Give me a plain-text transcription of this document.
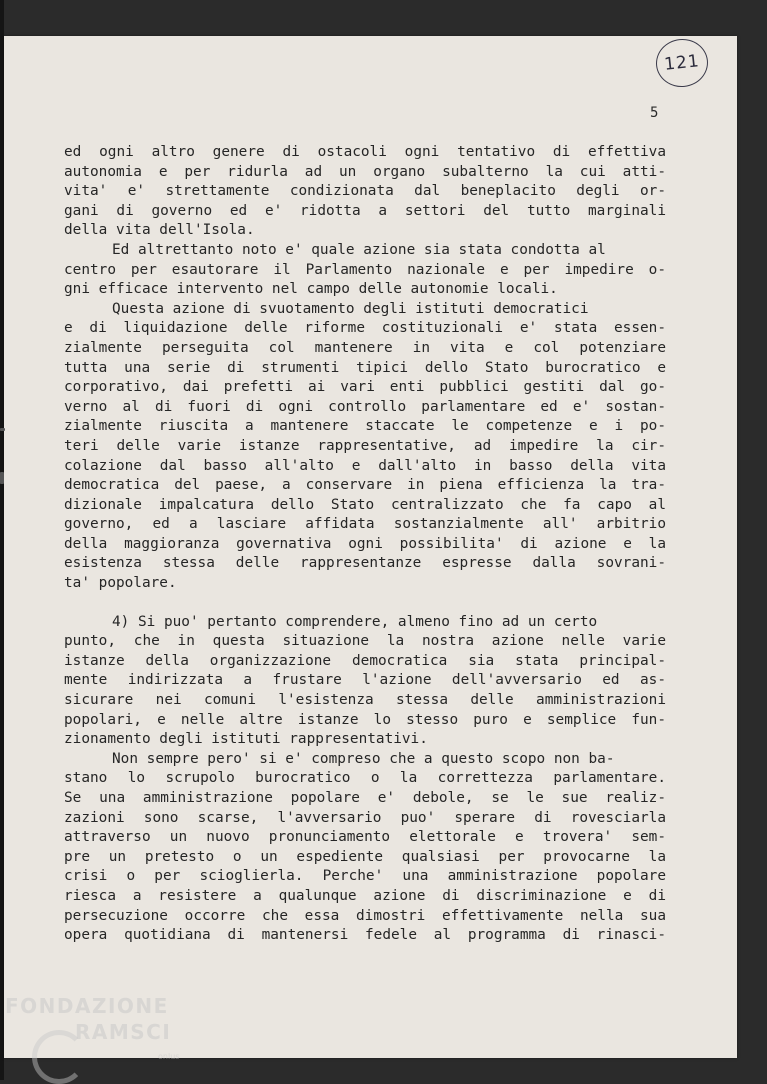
121
5
ed ogni altro genere di ostacoli ogni tentativo di effettiva
autonomia e per ridurla ad un organo subalterno la cui atti-
vita' e' strettamente condizionata dal beneplacito degli or-
gani di governo ed e' ridotta a settori del tutto marginali
della vita dell'Isola.
Ed altrettanto noto e' quale azione sia stata condotta al
centro per esautorare il Parlamento nazionale e per impedire o-
gni efficace intervento nel campo delle autonomie locali.
Questa azione di svuotamento degli istituti democratici
e di liquidazione delle riforme costituzionali e' stata essen-
zialmente perseguita col mantenere in vita e col potenziare
tutta una serie di strumenti tipici dello Stato burocratico e
corporativo, dai prefetti ai vari enti pubblici gestiti dal go-
verno al di fuori di ogni controllo parlamentare ed e' sostan-
zialmente riuscita a mantenere staccate le competenze e i po-
teri delle varie istanze rappresentative, ad impedire la cir-
colazione dal basso all'alto e dall'alto in basso della vita
democratica del paese, a conservare in piena efficienza la tra-
dizionale impalcatura dello Stato centralizzato che fa capo al
governo, ed a lasciare affidata sostanzialmente all' arbitrio
della maggioranza governativa ogni possibilita' di azione e la
esistenza stessa delle rappresentanze espresse dalla sovrani-
ta' popolare.
4) Si puo' pertanto comprendere, almeno fino ad un certo
punto, che in questa situazione la nostra azione nelle varie
istanze della organizzazione democratica sia stata principal-
mente indirizzata a frustare l'azione dell'avversario ed as-
sicurare nei comuni l'esistenza stessa delle amministrazioni
popolari, e nelle altre istanze lo stesso puro e semplice fun-
zionamento degli istituti rappresentativi.
Non sempre pero' si e' compreso che a questo scopo non ba-
stano lo scrupolo burocratico o la correttezza parlamentare.
Se una amministrazione popolare e' debole, se le sue realiz-
zazioni sono scarse, l'avversario puo' sperare di rovesciarla
attraverso un nuovo pronunciamento elettorale e trovera' sem-
pre un pretesto o un espediente qualsiasi per provocarne la
crisi o per scioglierla. Perche' una amministrazione popolare
riesca a resistere a qualunque azione di discriminazione e di
persecuzione occorre che essa dimostri effettivamente nella sua
opera quotidiana di mantenersi fedele al programma di rinasci-
FONDAZIONE
RAMSCI
onlus
